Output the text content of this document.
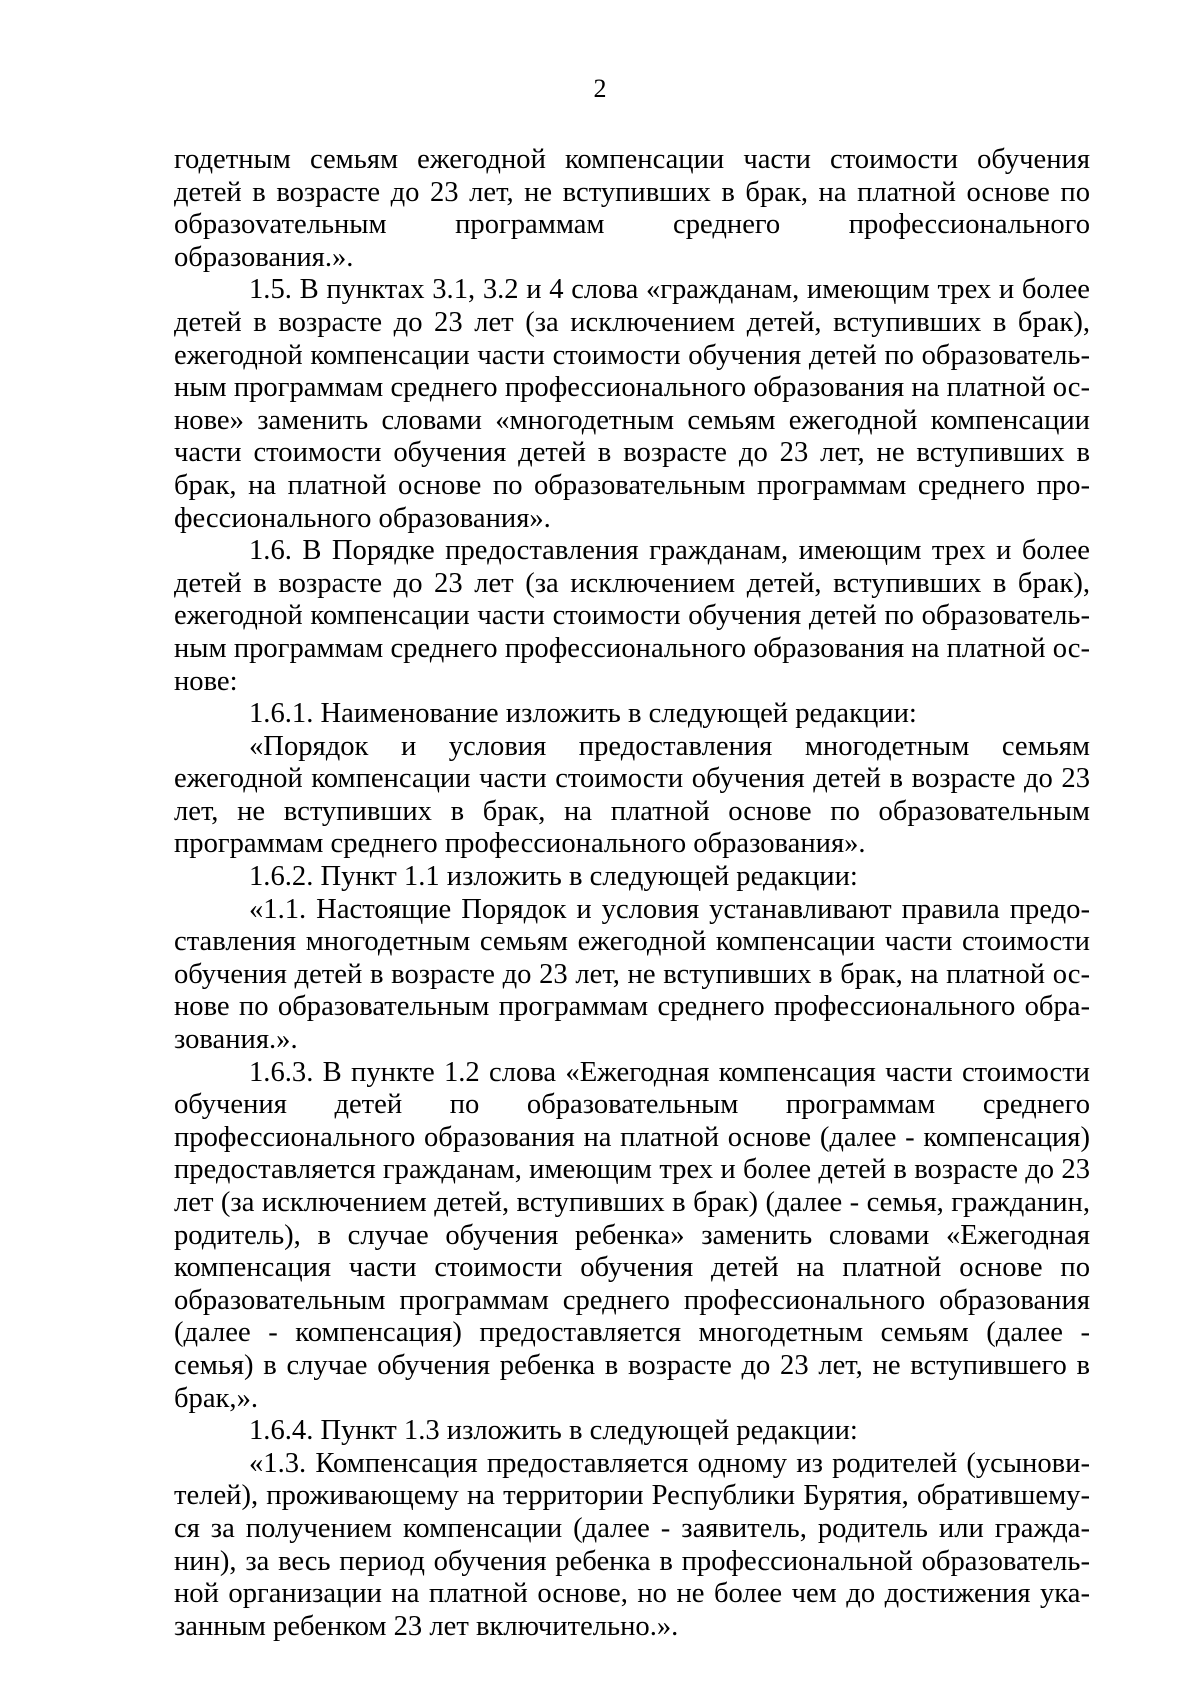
2

годетным семьям ежегодной компенсации части стоимости обучения детей в возрасте до 23 лет, не вступивших в брак, на платной основе по образоvательным программам среднего профессионального образования.».

1.5. В пунктах 3.1, 3.2 и 4 слова «гражданам, имеющим трех и более детей в возрасте до 23 лет (за исключением детей, вступивших в брак), ежегодной компенсации части стоимости обучения детей по образовательным программам среднего профессионального образования на платной основе» заменить словами «многодетным семьям ежегодной компенсации части стоимости обучения детей в возрасте до 23 лет, не вступивших в брак, на платной основе по образовательным программам среднего профессионального образования».

1.6. В Порядке предоставления гражданам, имеющим трех и более детей в возрасте до 23 лет (за исключением детей, вступивших в брак), ежегодной компенсации части стоимости обучения детей по образовательным программам среднего профессионального образования на платной основе:

1.6.1. Наименование изложить в следующей редакции:

«Порядок и условия предоставления многодетным семьям ежегодной компенсации части стоимости обучения детей в возрасте до 23 лет, не вступивших в брак, на платной основе по образовательным программам среднего профессионального образования».

1.6.2. Пункт 1.1 изложить в следующей редакции:

«1.1. Настоящие Порядок и условия устанавливают правила предоставления многодетным семьям ежегодной компенсации части стоимости обучения детей в возрасте до 23 лет, не вступивших в брак, на платной основе по образовательным программам среднего профессионального образования.».

1.6.3. В пункте 1.2 слова «Ежегодная компенсация части стоимости обучения детей по образовательным программам среднего профессионального образования на платной основе (далее - компенсация) предоставляется гражданам, имеющим трех и более детей в возрасте до 23 лет (за исключением детей, вступивших в брак) (далее - семья, гражданин, родитель), в случае обучения ребенка» заменить словами «Ежегодная компенсация части стоимости обучения детей на платной основе по образовательным программам среднего профессионального образования (далее - компенсация) предоставляется многодетным семьям (далее - семья) в случае обучения ребенка в возрасте до 23 лет, не вступившего в брак,».

1.6.4. Пункт 1.3 изложить в следующей редакции:

«1.3. Компенсация предоставляется одному из родителей (усыновителей), проживающему на территории Республики Бурятия, обратившемуся за получением компенсации (далее - заявитель, родитель или гражданин), за весь период обучения ребенка в профессиональной образовательной организации на платной основе, но не более чем до достижения указанным ребенком 23 лет включительно.».
